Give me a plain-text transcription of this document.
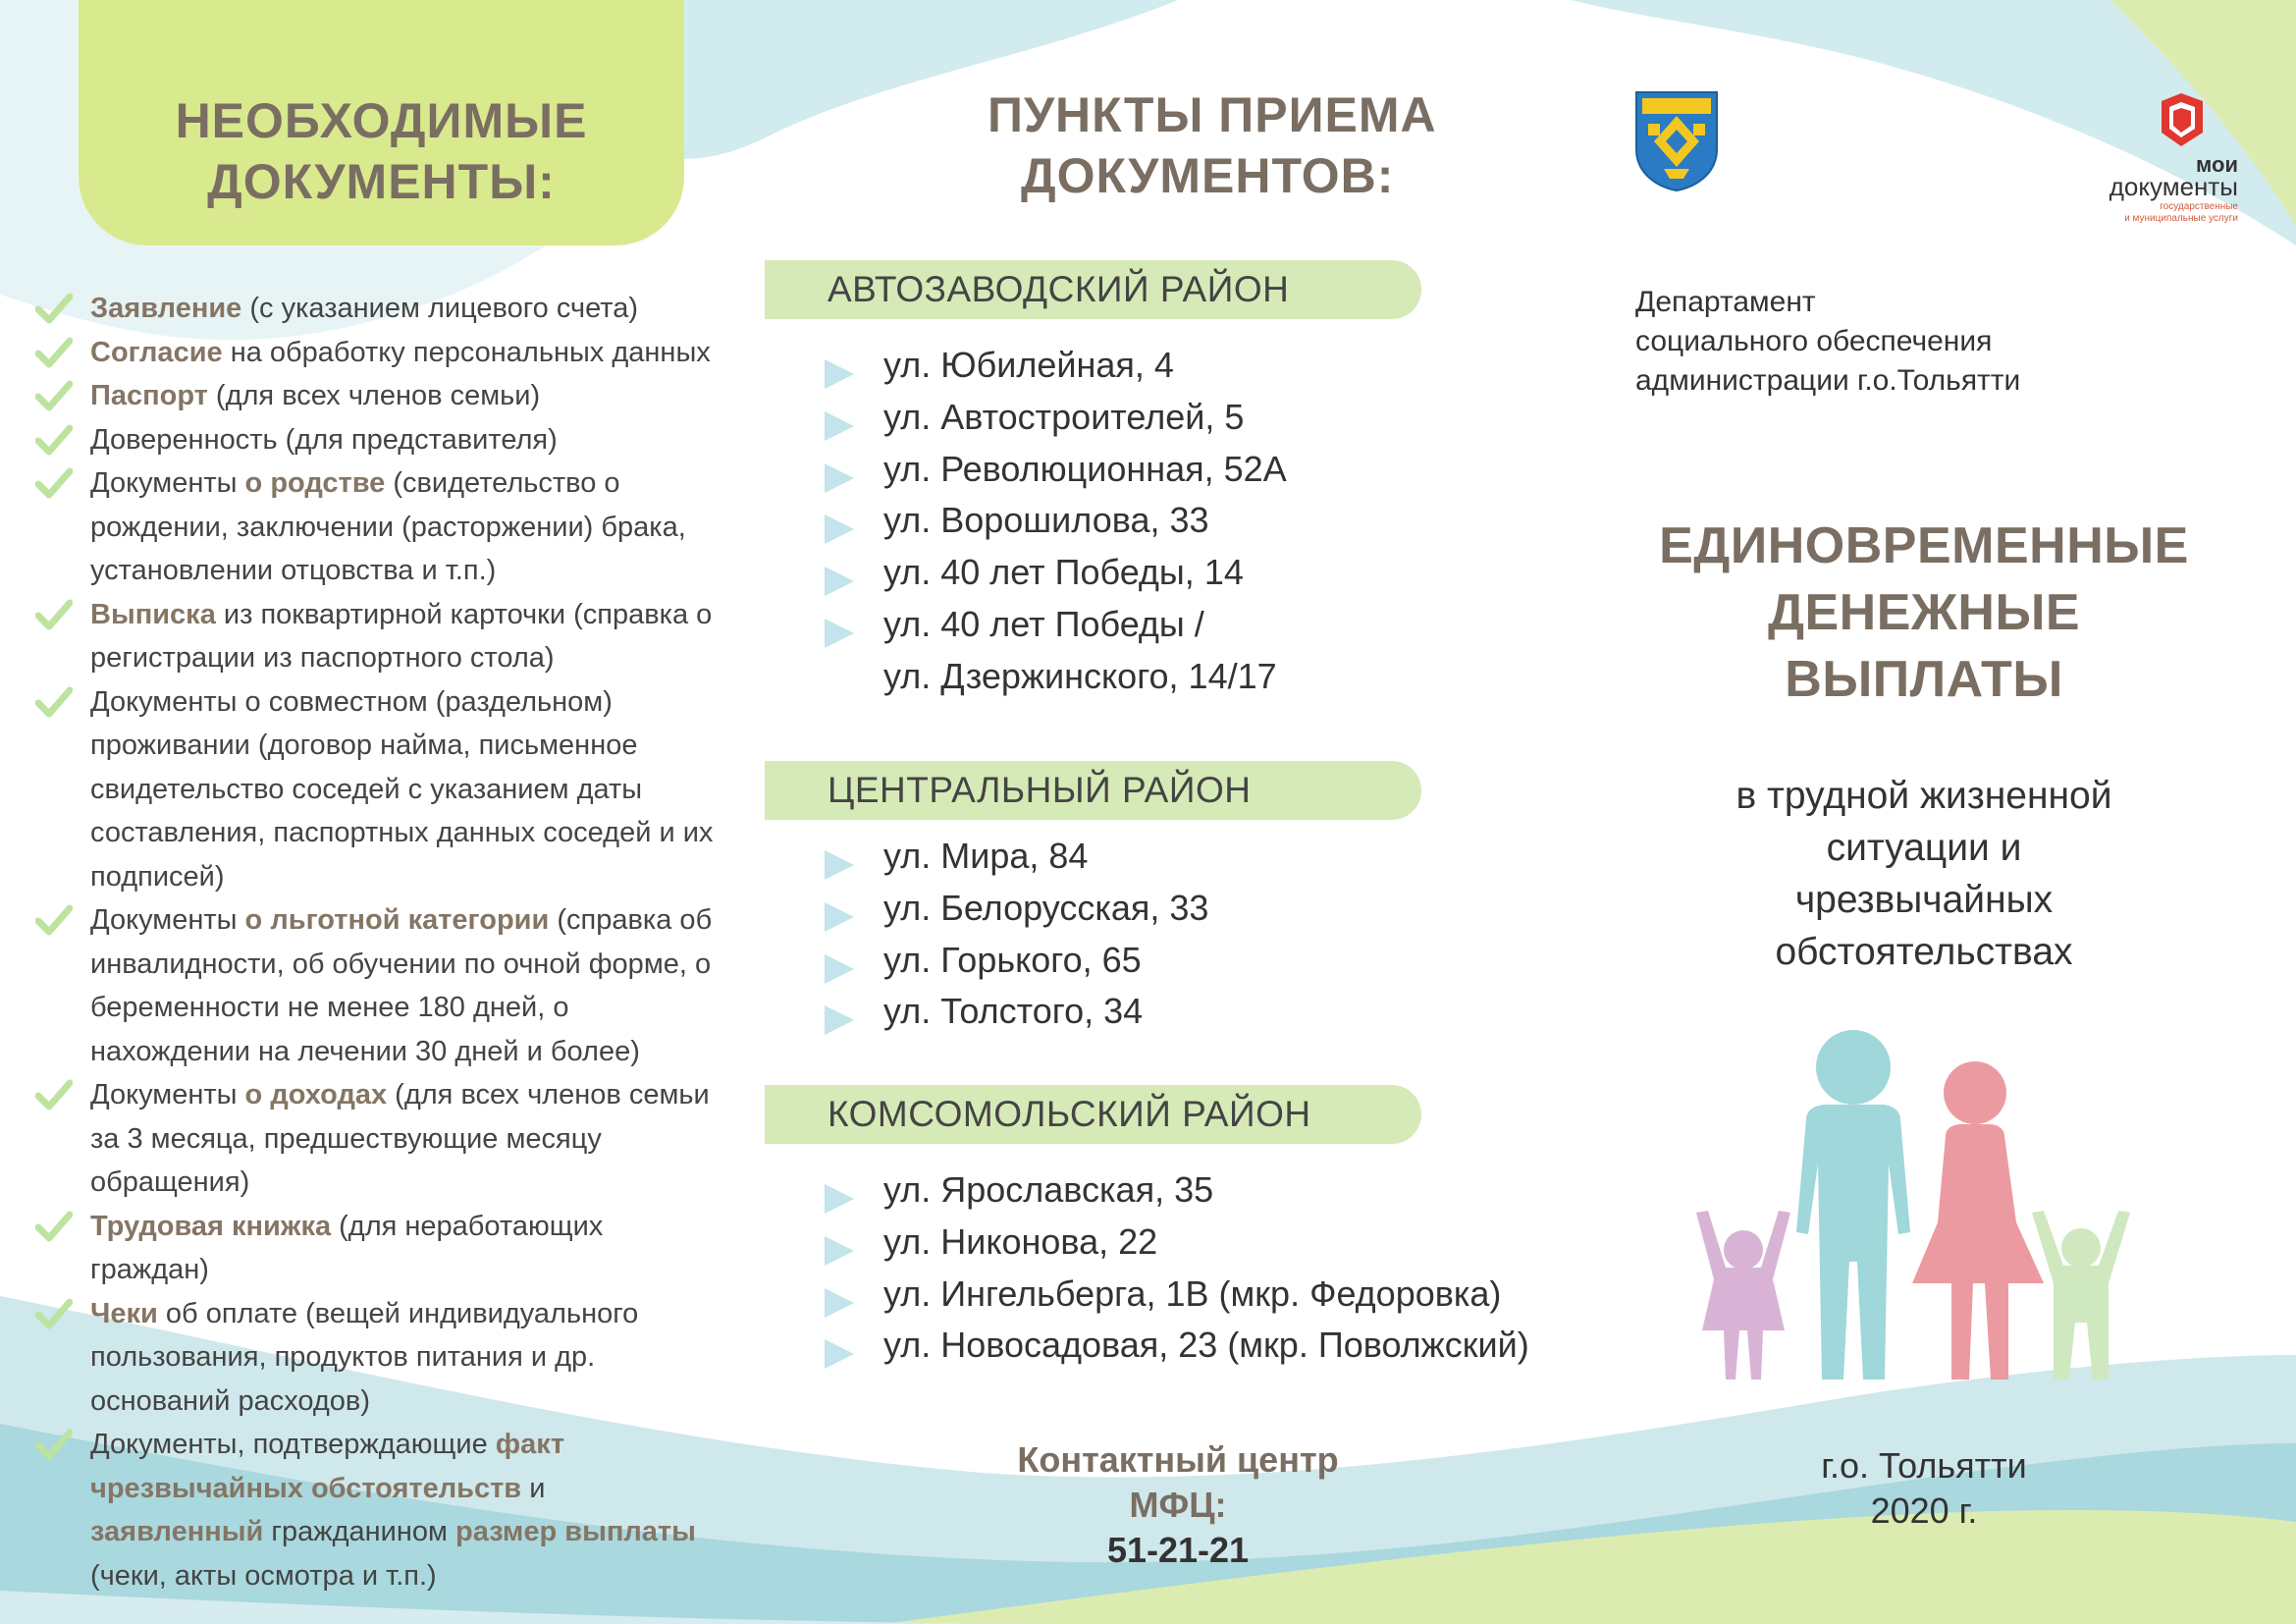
НЕОБХОДИМЫЕ
ДОКУМЕНТЫ:
Заявление (с указанием лицевого счета)
Согласие на обработку персональных данных
Паспорт (для всех членов семьи)
Доверенность (для представителя)
Документы о родстве (свидетельство о рождении, заключении (расторжении) брака, установлении отцовства и т.п.)
Выписка из поквартирной карточки (справка о регистрации из паспортного стола)
Документы о совместном (раздельном) проживании (договор найма, письменное свидетельство соседей с указанием даты составления, паспортных данных соседей и их подписей)
Документы о льготной категории (справка об инвалидности, об обучении по очной форме, о беременности не менее 180 дней, о нахождении на лечении 30 дней и более)
Документы о доходах (для всех членов семьи за 3 месяца, предшествующие месяцу обращения)
Трудовая книжка (для неработающих граждан)
Чеки об оплате (вещей индивидуального пользования, продуктов питания и др. оснований расходов)
Документы, подтверждающие факт чрезвычайных обстоятельств и заявленный гражданином размер выплаты (чеки, акты осмотра и т.п.)
ПУНКТЫ ПРИЕМА
ДОКУМЕНТОВ:
АВТОЗАВОДСКИЙ РАЙОН
ул. Юбилейная, 4
ул. Автостроителей, 5
ул. Революционная, 52А
ул. Ворошилова, 33
ул. 40 лет Победы, 14
ул. 40 лет Победы /
ул. Дзержинского, 14/17
ЦЕНТРАЛЬНЫЙ РАЙОН
ул. Мира, 84
ул. Белорусская, 33
ул. Горького, 65
ул. Толстого, 34
КОМСОМОЛЬСКИЙ РАЙОН
ул. Ярославская, 35
ул. Никонова, 22
ул. Ингельберга, 1В (мкр. Федоровка)
ул. Новосадовая, 23 (мкр. Поволжский)
Контактный центр
МФЦ:
51-21-21
мои
документы
государственные
и муниципальные услуги
Департамент
социального обеспечения
администрации г.о.Тольятти
ЕДИНОВРЕМЕННЫЕ
ДЕНЕЖНЫЕ
ВЫПЛАТЫ
в трудной жизненной
ситуации и
чрезвычайных
обстоятельствах
г.о. Тольятти
2020 г.
